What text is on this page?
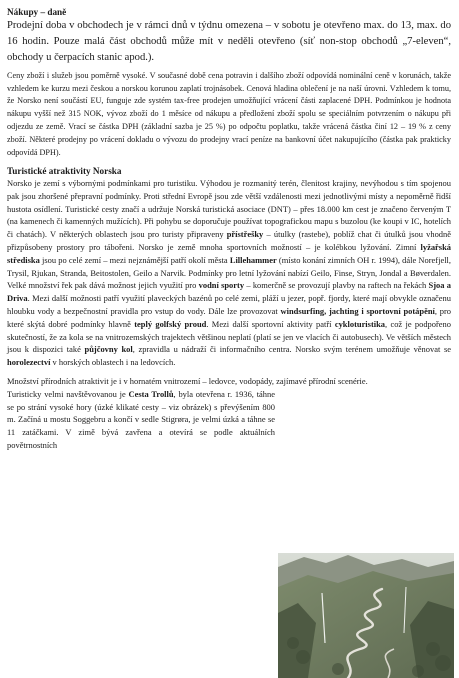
Nákupy – daně

Prodejní doba v obchodech je v rámci dnů v týdnu omezena – v sobotu je otevřeno max. do 13, max. do 16 hodin. Pouze malá část obchodů může mít v neděli otevřeno (síť non-stop obchodů „7-eleven“, obchody u čerpacích stanic apod.).

Ceny zboží i služeb jsou poměrně vysoké. V současné době cena potravin i dalšího zboží odpovídá nominální ceně v korunách, takže vzhledem ke kurzu mezi českou a norskou korunou zaplatí trojnásobek. Cenová hladina oblečení je na naší úrovni. Vzhledem k tomu, že Norsko není součástí EU, funguje zde systém tax-free prodejen umožňující vrácení části zaplacené DPH. Podmínkou je hodnota nákupu vyšší než 315 NOK, vývoz zboží do 1 měsíce od nákupu a předložení zboží spolu se speciálním potvrzením o nákupu při odjezdu ze země. Vrací se částka DPH (základní sazba je 25 %) po odpočtu poplatku, takže vrácená částka činí 12 – 19 % z ceny zboží. Některé prodejny po vrácení dokladu o vývozu do prodejny vrací peníze na bankovní účet nakupujícího (částka pak prakticky odpovídá DPH).

Turistické atraktivity Norska

Norsko je zemí s výbornými podmínkami pro turistiku. Výhodou je rozmanitý terén, členitost krajiny, nevýhodou s tím spojenou pak jsou zhoršené přepravní podmínky. Proti střední Evropě jsou zde větší vzdálenosti mezi jednotlivými místy a nepoměrně řidší hustota osídlení. Turistické cesty značí a udržuje Norská turistická asociace (DNT) – přes 18.000 km cest je značeno červeným T (na kamenech či kamenných mužících). Při pohybu se doporučuje používat topografickou mapu s buzolou (ke koupi v IC, hotelích či chatách). V některých oblastech jsou pro turisty připraveny přístřešky – útulky (rastebe), poblíž chat či útulků jsou vhodně přizpůsobeny prostory pro tábořeni. Norsko je země mnoha sportovních možností – je kolébkou lyžování. Zimní lyžařská střediska jsou po celé zemí – mezi nejznámější patří okolí města Lillehammer (místo konání zimních OH r. 1994), dále Norefjell, Trysil, Rjukan, Stranda, Beitostolen, Geilo a Narvik. Podmínky pro letní lyžování nabízí Geilo, Finse, Stryn, Jondal a Bøverdalen. Velké množství řek pak dává možnost jejich využití pro vodní sporty – komerčně se provozují plavby na raftech na řekách Sjoa a Driva. Mezi další možnosti patří využití plaveckých bazénů po celé zemi, pláží u jezer, popř. fjordy, které mají obvykle označenu hloubku vody a bezpečnostní pravidla pro vstup do vody. Dále lze provozovat windsurfing, jachting i sportovní potápění, pro které skýtá dobré podmínky hlavně teplý golfský proud. Mezi další sportovní aktivity patří cykloturistika, což je podpořeno skutečností, že za kola se na vnitrozemských trajektech většinou neplatí (platí se jen ve vlacích či autobusech). Ve větších městech jsou k dispozici také půjčovny kol, zpravidla u nádraží či informačního centra. Norsko svým terénem umožňuje věnovat se horolezectví v horských oblastech i na ledovcích.

Množství přírodních atraktivit je i v hornatém vnitrozemí – ledovce, vodopády, zajímavé přírodní scenérie.

Turisticky velmi navštěvovanou je Cesta Trollů, byla otevřena r. 1936, táhne se po strání vysoké hory (úzké klikaté cesty – viz obrázek) s převýšením 800 m. Začíná u mostu Soggebru a končí v sedle Stigrøra, je velmi úzká a táhne se 11 zatáčkami. V zimě bývá zavřena a otevírá se podle aktuálních povětrnostních
